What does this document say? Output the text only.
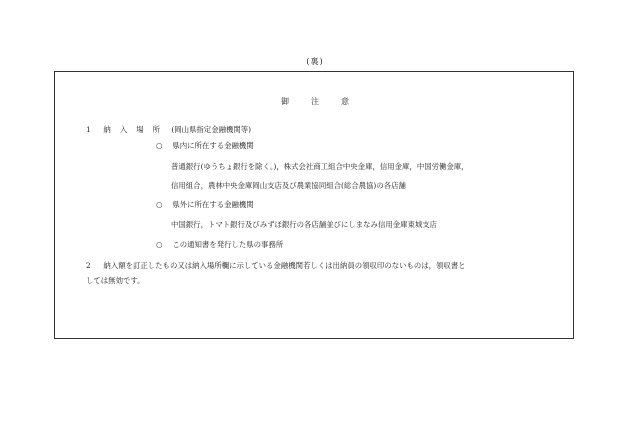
(裏)
御注意
1 納入場所 (岡山県指定金融機関等)
○ 県内に所在する金融機関
普通銀行(ゆうちょ銀行を除く。)，株式会社商工組合中央金庫，信用金庫，中国労働金庫，
信用組合，農林中央金庫岡山支店及び農業協同組合(総合農協)の各店舗
○ 県外に所在する金融機関
中国銀行，トマト銀行及びみずほ銀行の各店舗並びにしまなみ信用金庫東城支店
○ この通知書を発行した県の事務所
2 納入額を訂正したもの又は納入場所欄に示している金融機関若しくは出納員の領収印のないものは，領収書と
しては無効です。
